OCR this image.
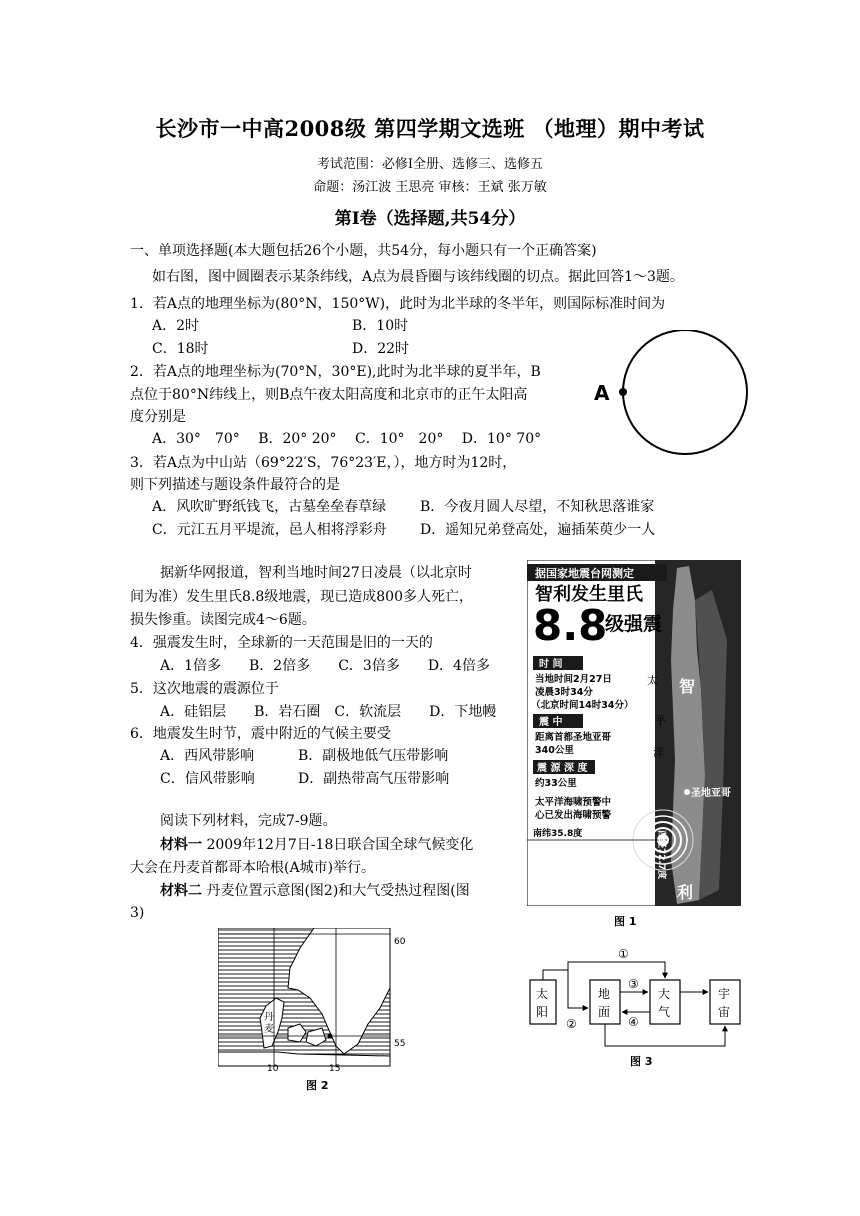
长沙市一中高2008级 第四学期文选班 （地理）期中考试
考试范围：必修Ⅰ全册、选修三、选修五
命题：汤江波 王思亮 审核：王斌 张万敏
第Ⅰ卷（选择题,共54分）
一、单项选择题(本大题包括26个小题，共54分，每小题只有一个正确答案)
如右图，图中圆圈表示某条纬线，A点为晨昏圈与该纬线圈的切点。据此回答1～3题。
1．若A点的地理坐标为(80°N，150°W)，此时为北半球的冬半年，则国际标准时间为
A．2时	B．10时
C．18时	D．22时
2．若A点的地理坐标为(70°N，30°E),此时为北半球的夏半年，B
点位于80°N纬线上，则B点午夜太阳高度和北京市的正午太阳高
度分别是
A．30°　70°　 B．20° 20°　 C．10°　20°　 D．10° 70°
A
3．若A点为中山站（69°22′S，76°23′E，），地方时为12时，
则下列描述与题设条件最符合的是
A．风吹旷野纸钱飞，古墓垒垒春草绿 B．今夜月圆人尽望，不知秋思落谁家
C．元江五月平堤流，邑人相将浮彩舟 D．遥知兄弟登高处，遍插茱萸少一人
据新华网报道，智利当地时间27日凌晨（以北京时
间为准）发生里氏8.8级地震，现已造成800多人死亡，
损失惨重。读图完成4～6题。
4．强震发生时，全球新的一天范围是旧的一天的
A．1倍多　　B．2倍多　　C．3倍多　　D．4倍多
5．这次地震的震源位于
A．硅铝层　　B．岩石圈　C．软流层　　D．下地幔
6．地震发生时节，震中附近的气候主要受
A．西风带影响	B．副极地低气压带影响
C．信风带影响	D．副热带高气压带影响
据国家地震台网测定
智利发生里氏
8.8
级强震
时 间
当地时间2月27日
凌晨3时34分
（北京时间14时34分）
震 中
距离首都圣地亚哥
340公里
震 源 深 度
约33公里
太平洋海啸预警中
心已发出海啸预警
太
平
洋
智
利
圣地亚哥
南纬35.8度	西经72.7度
图 1
阅读下列材料，完成7-9题。
材料一 2009年12月7日-18日联合国全球气候变化
大会在丹麦首都哥本哈根(A城市)举行。
材料二 丹麦位置示意图(图2)和大气受热过程图(图
3)
丹
麦
60
55
10	15
图 2
太
阳
地
面
大
气
宇
宙
①
②
③
④
图 3
